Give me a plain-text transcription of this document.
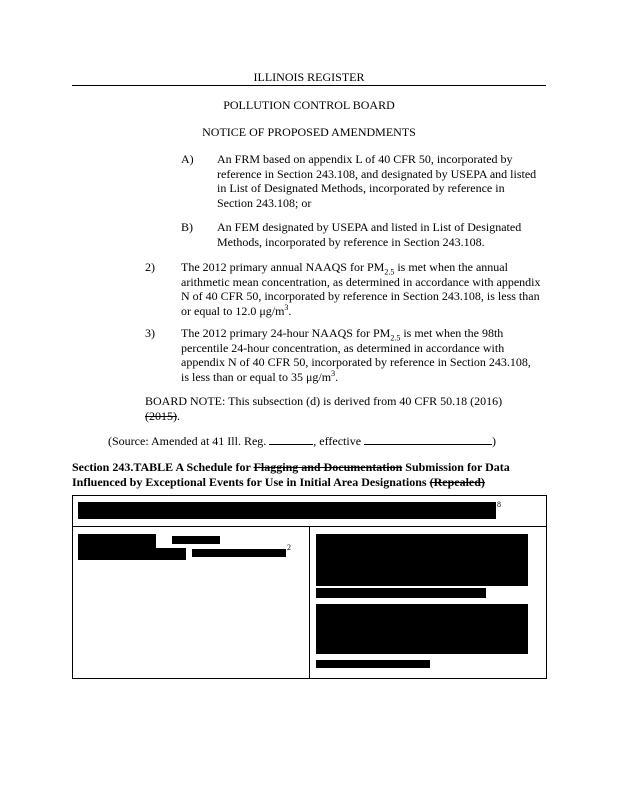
ILLINOIS REGISTER
POLLUTION CONTROL BOARD
NOTICE OF PROPOSED AMENDMENTS
A) An FRM based on appendix L of 40 CFR 50, incorporated by
reference in Section 243.108, and designated by USEPA and listed
in List of Designated Methods, incorporated by reference in
Section 243.108; or
B) An FEM designated by USEPA and listed in List of Designated
Methods, incorporated by reference in Section 243.108.
2) The 2012 primary annual NAAQS for $PM_{2.5}$ is met when the annual
arithmetic mean concentration, as determined in accordance with appendix
N of 40 CFR 50, incorporated by reference in Section 243.108, is less than
or equal to 12.0 $\mu g/m^3$.
3) The 2012 primary 24-hour NAAQS for $PM_{2.5}$ is met when the 98th
percentile 24-hour concentration, as determined in accordance with
appendix N of 40 CFR 50, incorporated by reference in Section 243.108,
is less than or equal to 35 $\mu g/m^3$.
BOARD NOTE: This subsection (d) is derived from 40 CFR 50.18 (2016)
(2015).
(Source: Amended at 41 Ill. Reg.	, effective	)
Section 243.TABLE A Schedule for Flagging and Documentation Submission for Data
Influenced by Exceptional Events for Use in Initial Area Designations (Repealed)
8
2
